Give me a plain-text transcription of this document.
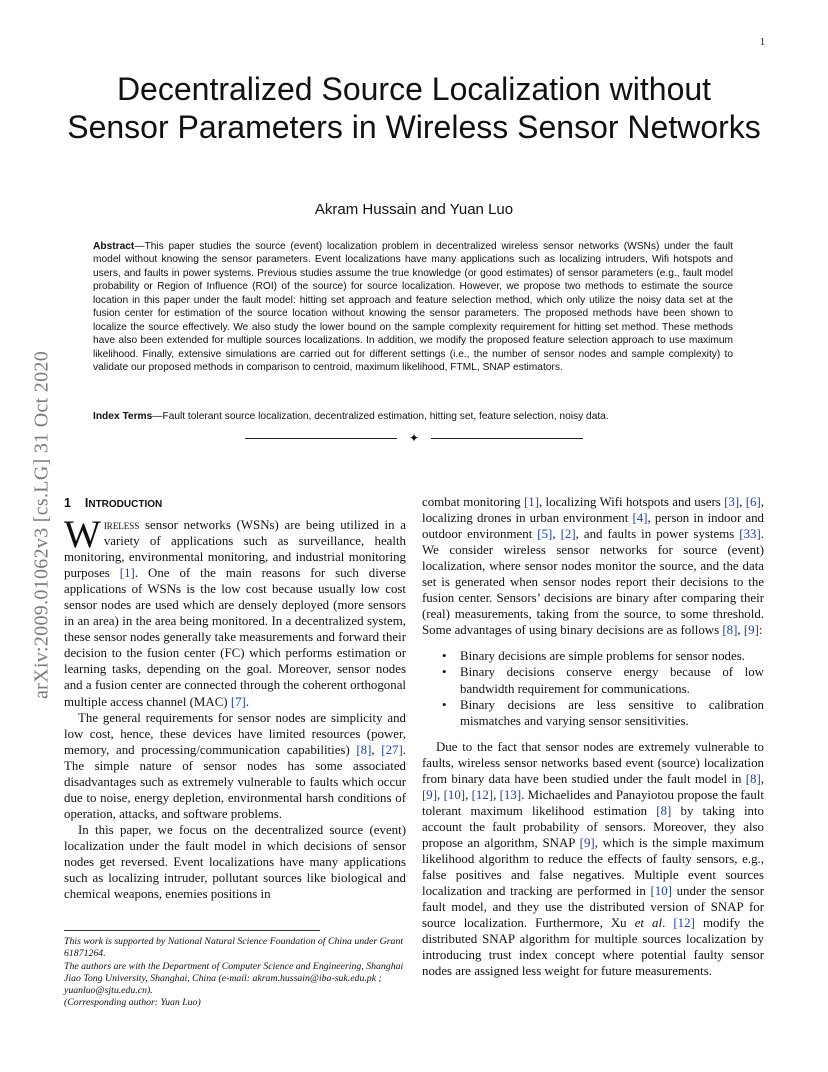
1
Decentralized Source Localization without Sensor Parameters in Wireless Sensor Networks
Akram Hussain and Yuan Luo

Abstract—This paper studies the source (event) localization problem in decentralized wireless sensor networks (WSNs) under the fault model without knowing the sensor parameters. Event localizations have many applications such as localizing intruders, Wifi hotspots and users, and faults in power systems. Previous studies assume the true knowledge (or good estimates) of sensor parameters (e.g., fault model probability or Region of Influence (ROI) of the source) for source localization. However, we propose two methods to estimate the source location in this paper under the fault model: hitting set approach and feature selection method, which only utilize the noisy data set at the fusion center for estimation of the source location without knowing the sensor parameters. The proposed methods have been shown to localize the source effectively. We also study the lower bound on the sample complexity requirement for hitting set method. These methods have also been extended for multiple sources localizations. In addition, we modify the proposed feature selection approach to use maximum likelihood. Finally, extensive simulations are carried out for different settings (i.e., the number of sensor nodes and sample complexity) to validate our proposed methods in comparison to centroid, maximum likelihood, FTML, SNAP estimators.

Index Terms—Fault tolerant source localization, decentralized estimation, hitting set, feature selection, noisy data.

✦
arXiv:2009.01062v3 [cs.LG] 31 Oct 2020 1 INTRODUCTION

Wireless sensor networks (WSNs) are being utilized in a variety of applications such as surveillance, health monitoring, environmental monitoring, and industrial monitoring purposes [1]. One of the main reasons for such diverse applications of WSNs is the low cost because usually low cost sensor nodes are used which are densely deployed (more sensors in an area) in the area being monitored. In a decentralized system, these sensor nodes generally take measurements and forward their decision to the fusion center (FC) which performs estimation or learning tasks, depending on the goal. Moreover, sensor nodes and a fusion center are connected through the coherent orthogonal multiple access channel (MAC) [7].

The general requirements for sensor nodes are simplicity and low cost, hence, these devices have limited resources (power, memory, and processing/communication capabilities) [8], [27]. The simple nature of sensor nodes has some associated disadvantages such as extremely vulnerable to faults which occur due to noise, energy depletion, environmental harsh conditions of operation, attacks, and software problems.

In this paper, we focus on the decentralized source (event) localization under the fault model in which decisions of sensor nodes get reversed. Event localizations have many applications such as localizing intruder, pollutant sources like biological and chemical weapons, enemies positions in

combat monitoring [1], localizing Wifi hotspots and users [3], [6], localizing drones in urban environment [4], person in indoor and outdoor environment [5], [2], and faults in power systems [33]. We consider wireless sensor networks for source (event) localization, where sensor nodes monitor the source, and the data set is generated when sensor nodes report their decisions to the fusion center. Sensors’ decisions are binary after comparing their (real) measurements, taking from the source, to some threshold. Some advantages of using binary decisions are as follows [8], [9]:

• Binary decisions are simple problems for sensor nodes.
• Binary decisions conserve energy because of low bandwidth requirement for communications.
• Binary decisions are less sensitive to calibration mismatches and varying sensor sensitivities.

Due to the fact that sensor nodes are extremely vulnerable to faults, wireless sensor networks based event (source) localization from binary data have been studied under the fault model in [8], [9], [10], [12], [13]. Michaelides and Panayiotou propose the fault tolerant maximum likelihood estimation [8] by taking into account the fault probability of sensors. Moreover, they also propose an algorithm, SNAP [9], which is the simple maximum likelihood algorithm to reduce the effects of faulty sensors, e.g., false positives and false negatives. Multiple event sources localization and tracking are performed in [10] under the sensor fault model, and they use the distributed version of SNAP for source localization. Furthermore, Xu et al. [12] modify the distributed SNAP algorithm for multiple sources localization by introducing trust index concept where potential faulty sensor nodes are assigned less weight for future measurements.

This work is supported by National Natural Science Foundation of China under Grant 61871264.

The authors are with the Department of Computer Science and Engineering, Shanghai Jiao Tong University, Shanghai, China (e-mail: akram.hussain@iba-suk.edu.pk ; yuanluo@sjtu.edu.cn).

(Corresponding author: Yuan Luo)
